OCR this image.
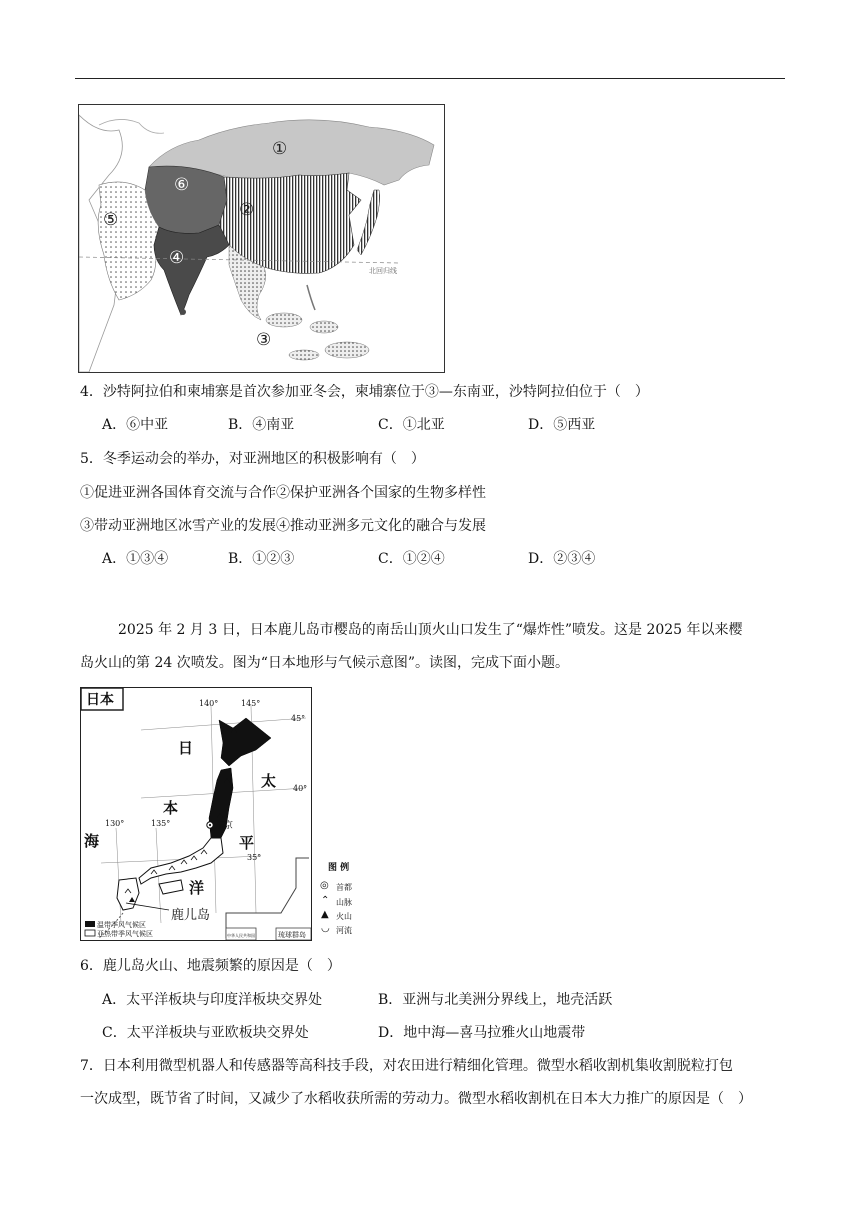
①
②
③
④
⑤
⑥
北回归线
4．沙特阿拉伯和柬埔寨是首次参加亚冬会，柬埔寨位于③—东南亚，沙特阿拉伯位于（　）
A．⑥中亚	B．④南亚	C．①北亚	D．⑤西亚
5．冬季运动会的举办，对亚洲地区的积极影响有（　）
①促进亚洲各国体育交流与合作②保护亚洲各个国家的生物多样性
③带动亚洲地区冰雪产业的发展④推动亚洲多元文化的融合与发展
A．①③④	B．①②③	C．①②④	D．②③④
2025 年 2 月 3 日，日本鹿儿岛市樱岛的南岳山顶火山口发生了“爆炸性”喷发。这是 2025 年以来樱
岛火山的第 24 次喷发。图为“日本地形与气候示意图”。读图，完成下面小题。
日本	140°	145°
130°	135°
45°
40°
35°
日
本
海
太
平
洋
东京
鹿儿岛
温带季风气候区
亚热带季风气候区	中华人民共和国	琉球群岛
图 例
◎ 首都
⌃ 山脉
▲ 火山
◡ 河流
6．鹿儿岛火山、地震频繁的原因是（　）
A．太平洋板块与印度洋板块交界处	B．亚洲与北美洲分界线上，地壳活跃
C．太平洋板块与亚欧板块交界处	D．地中海—喜马拉雅火山地震带
7．日本利用微型机器人和传感器等高科技手段，对农田进行精细化管理。微型水稻收割机集收割脱粒打包
一次成型，既节省了时间，又减少了水稻收获所需的劳动力。微型水稻收割机在日本大力推广的原因是（　）
